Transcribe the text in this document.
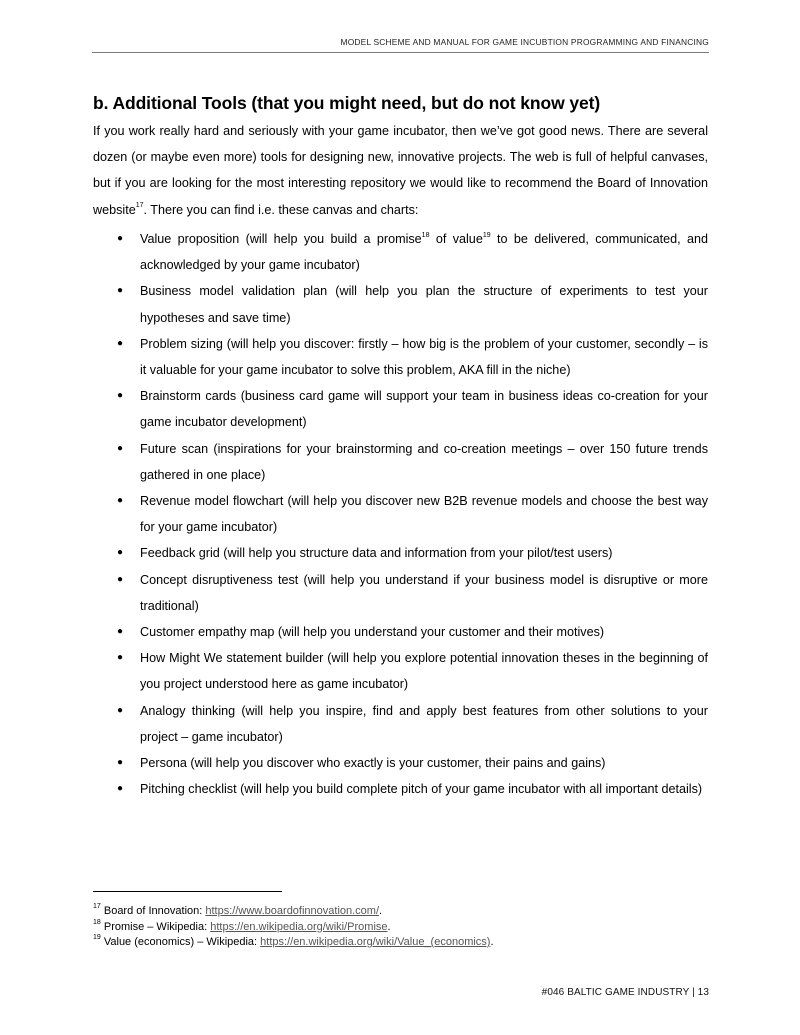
MODEL SCHEME AND MANUAL FOR GAME INCUBTION PROGRAMMING AND FINANCING
b. Additional Tools (that you might need, but do not know yet)

If you work really hard and seriously with your game incubator, then we’ve got good news. There are several dozen (or maybe even more) tools for designing new, innovative projects. The web is full of helpful canvases, but if you are looking for the most interesting repository we would like to recommend the Board of Innovation website$^{17}$. There you can find i.e. these canvas and charts:

● Value proposition (will help you build a promise$^{18}$ of value$^{19}$ to be delivered, communicated, and acknowledged by your game incubator)
● Business model validation plan (will help you plan the structure of experiments to test your hypotheses and save time)
● Problem sizing (will help you discover: firstly – how big is the problem of your customer, secondly – is it valuable for your game incubator to solve this problem, AKA fill in the niche)
● Brainstorm cards (business card game will support your team in business ideas co-creation for your game incubator development)
● Future scan (inspirations for your brainstorming and co-creation meetings – over 150 future trends gathered in one place)
● Revenue model flowchart (will help you discover new B2B revenue models and choose the best way for your game incubator)
● Feedback grid (will help you structure data and information from your pilot/test users)
● Concept disruptiveness test (will help you understand if your business model is disruptive or more traditional)
● Customer empathy map (will help you understand your customer and their motives)
● How Might We statement builder (will help you explore potential innovation theses in the beginning of you project understood here as game incubator)
● Analogy thinking (will help you inspire, find and apply best features from other solutions to your project – game incubator)
● Persona (will help you discover who exactly is your customer, their pains and gains)
● Pitching checklist (will help you build complete pitch of your game incubator with all important details)
$^{17}$ Board of Innovation: https://www.boardofinnovation.com/.
$^{18}$ Promise – Wikipedia: https://en.wikipedia.org/wiki/Promise.
$^{19}$ Value (economics) – Wikipedia: https://en.wikipedia.org/wiki/Value_(economics).
#046 BALTIC GAME INDUSTRY | 13
